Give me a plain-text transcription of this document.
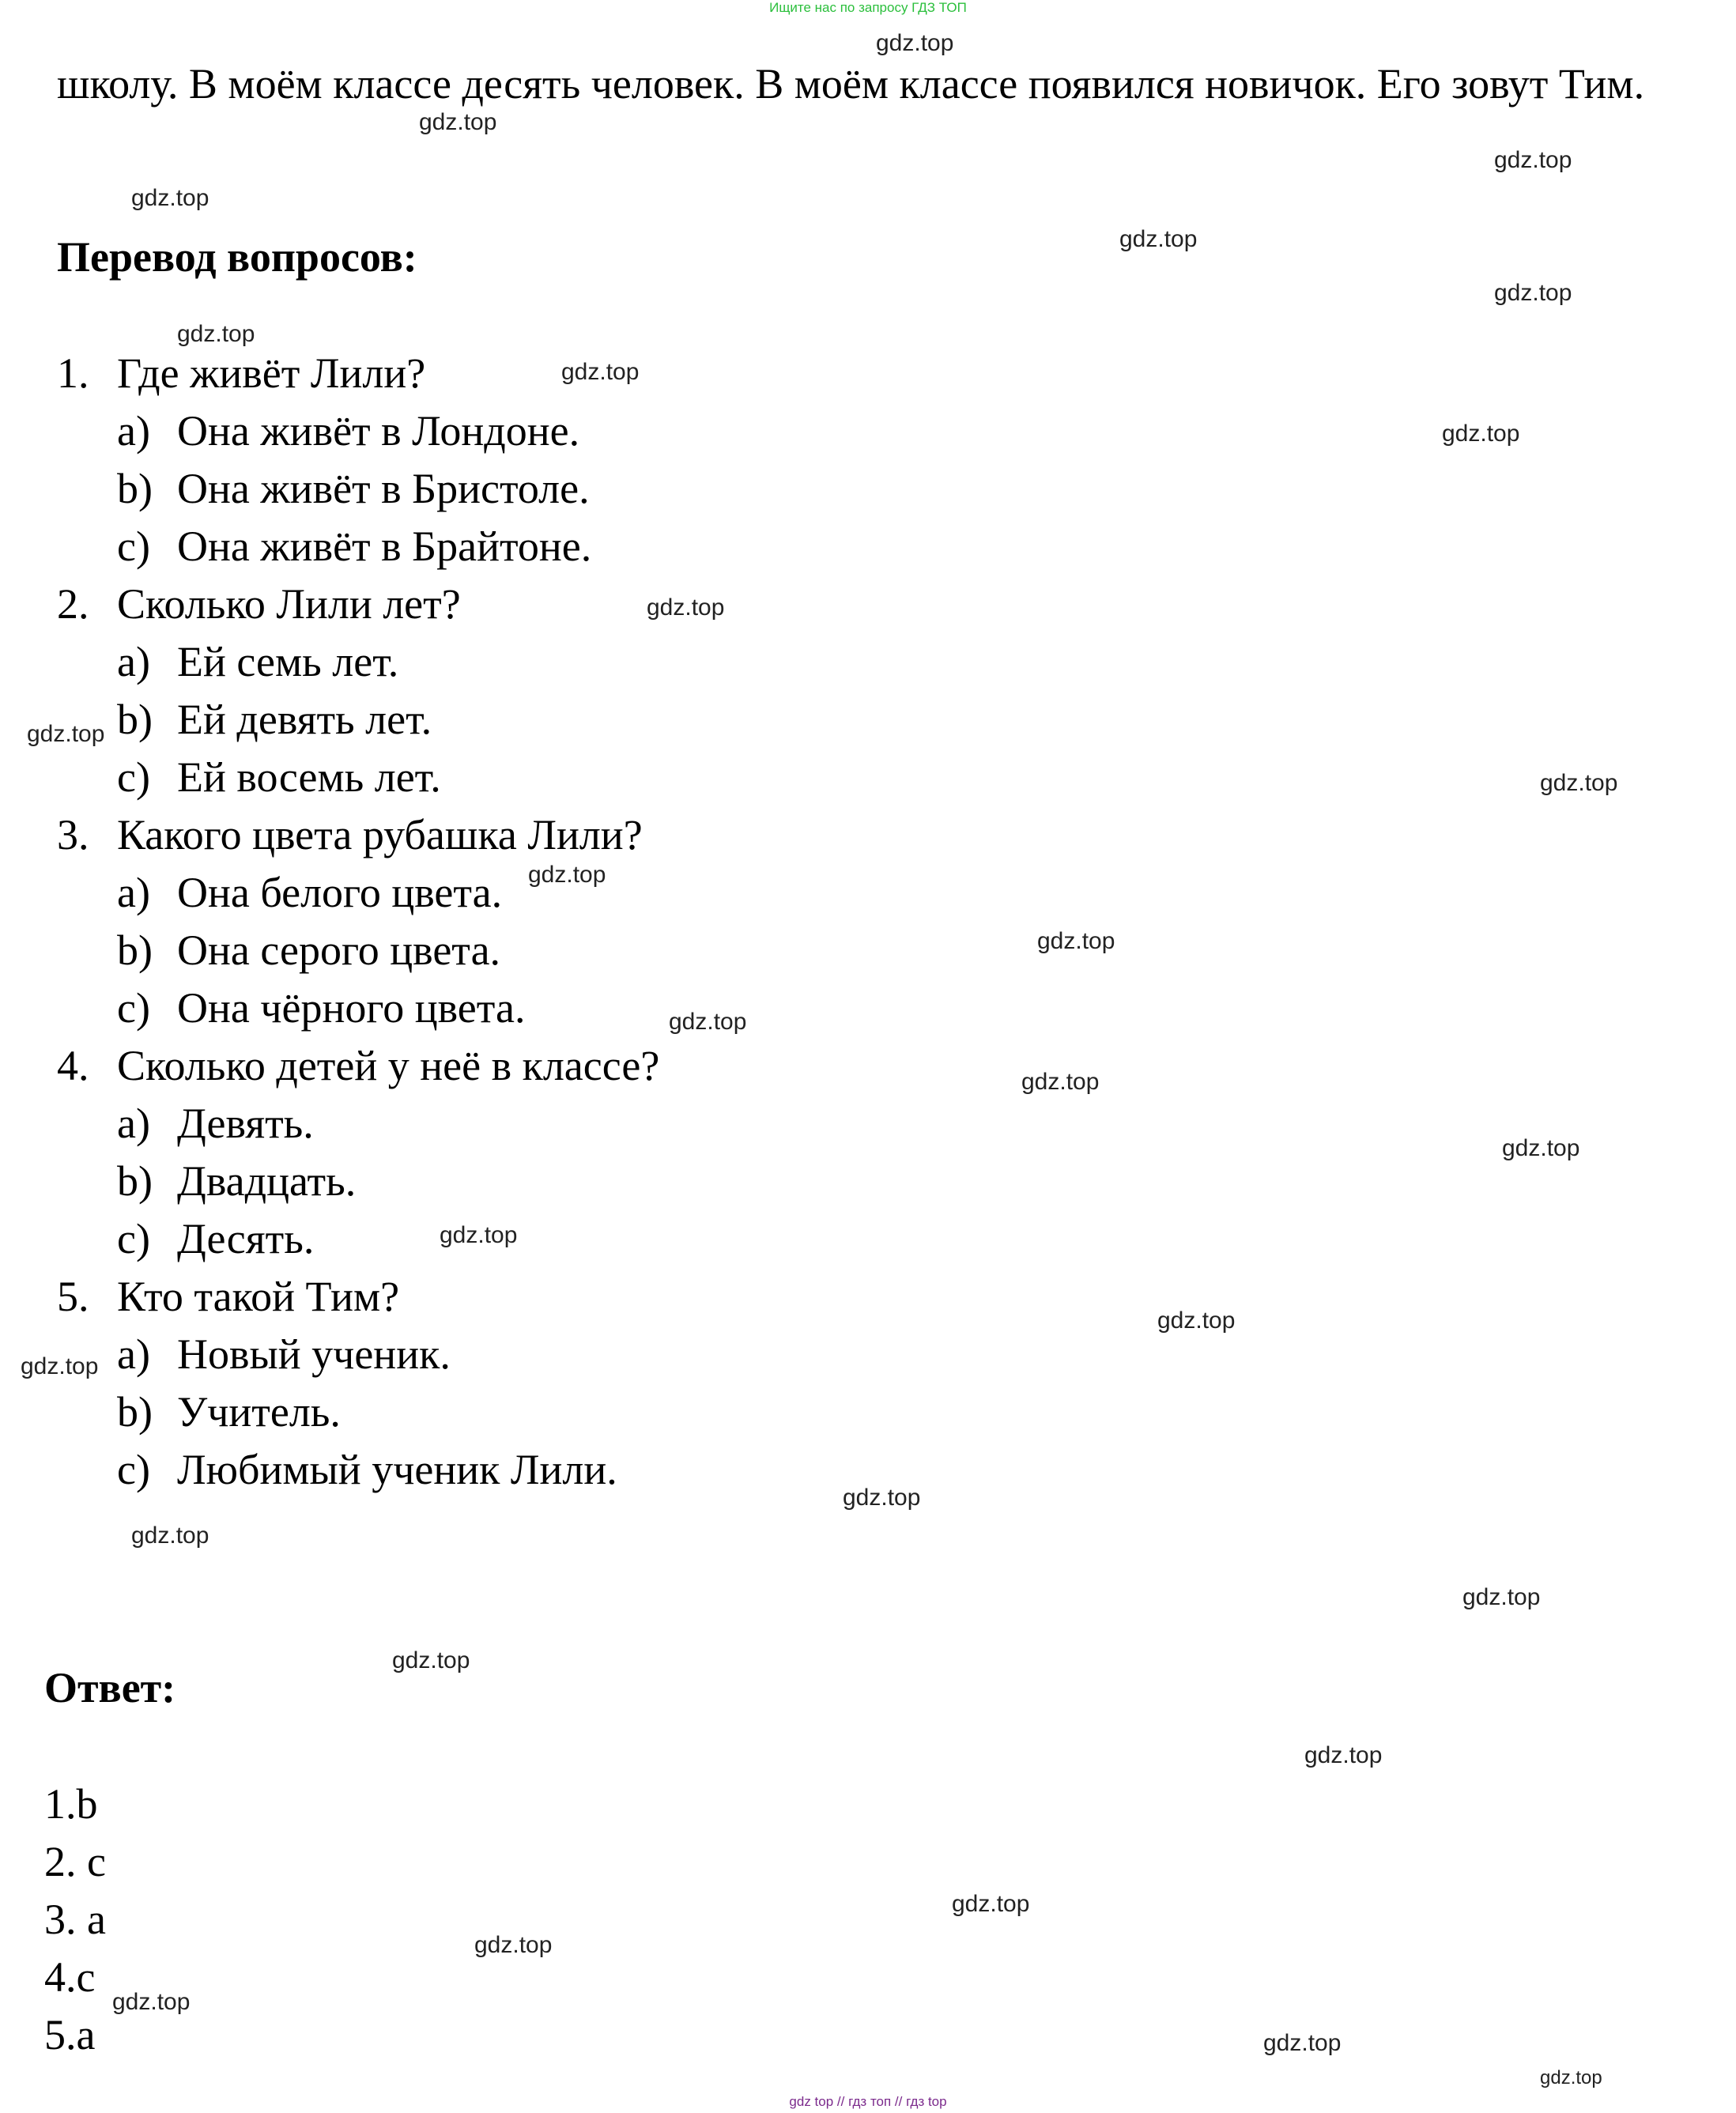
Ищите нас по запросу ГДЗ ТОП

школу. В моём классе десять человек. В моём классе появился новичок. Его зовут Тим.

Перевод вопросов:

1. Где живёт Лили?
a) Она живёт в Лондоне.
b) Она живёт в Бристоле.
c) Она живёт в Брайтоне.
2. Сколько Лили лет?
a) Ей семь лет.
b) Ей девять лет.
c) Ей восемь лет.
3. Какого цвета рубашка Лили?
a) Она белого цвета.
b) Она серого цвета.
c) Она чёрного цвета.
4. Сколько детей у неё в классе?
a) Девять.
b) Двадцать.
c) Десять.
5. Кто такой Тим?
a) Новый ученик.
b) Учитель.
c) Любимый ученик Лили.

Ответ:

1.b
2. c
3. a
4.c
5.a
gdz.top
gdz.top
gdz.top
gdz.top
gdz.top
gdz.top
gdz.top
gdz.top
gdz.top
gdz.top
gdz.top
gdz.top
gdz.top
gdz.top
gdz.top
gdz.top
gdz.top
gdz.top
gdz.top
gdz.top
gdz.top
gdz.top
gdz.top
gdz.top
gdz.top
gdz.top
gdz.top
gdz.top
gdz.top
gdz.top
gdz top // гдз топ // гдз top
